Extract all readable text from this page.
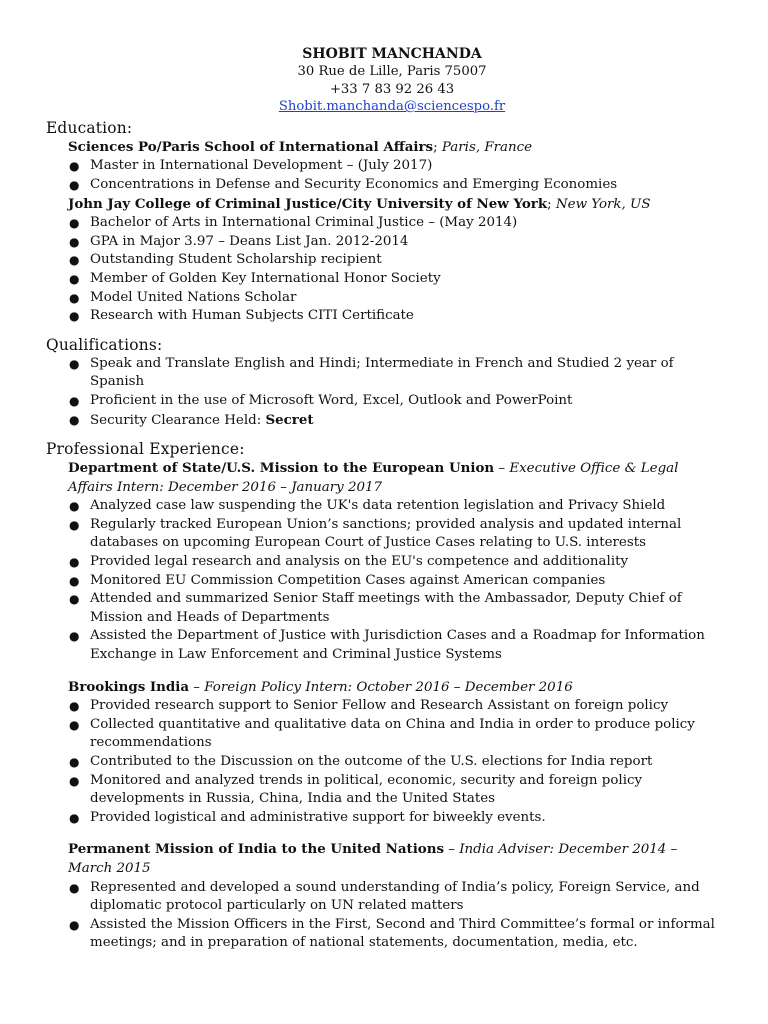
SHOBIT MANCHANDA
30 Rue de Lille, Paris 75007
+33 7 83 92 26 43
Shobit.manchanda@sciencespo.fr
Education:
Sciences Po/Paris School of International Affairs; Paris, France
● Master in International Development – (July 2017)
● Concentrations in Defense and Security Economics and Emerging Economies
John Jay College of Criminal Justice/City University of New York; New York, US
● Bachelor of Arts in International Criminal Justice – (May 2014)
● GPA in Major 3.97 – Deans List Jan. 2012-2014
● Outstanding Student Scholarship recipient
● Member of Golden Key International Honor Society
● Model United Nations Scholar
● Research with Human Subjects CITI Certificate
Qualifications:
● Speak and Translate English and Hindi; Intermediate in French and Studied 2 year of Spanish
● Proficient in the use of Microsoft Word, Excel, Outlook and PowerPoint
● Security Clearance Held: Secret
Professional Experience:
Department of State/U.S. Mission to the European Union – Executive Office & Legal Affairs Intern: December 2016 – January 2017
● Analyzed case law suspending the UK's data retention legislation and Privacy Shield
● Regularly tracked European Union’s sanctions; provided analysis and updated internal databases on upcoming European Court of Justice Cases relating to U.S. interests
● Provided legal research and analysis on the EU's competence and additionality
● Monitored EU Commission Competition Cases against American companies
● Attended and summarized Senior Staff meetings with the Ambassador, Deputy Chief of Mission and Heads of Departments
● Assisted the Department of Justice with Jurisdiction Cases and a Roadmap for Information Exchange in Law Enforcement and Criminal Justice Systems
Brookings India – Foreign Policy Intern: October 2016 – December 2016
● Provided research support to Senior Fellow and Research Assistant on foreign policy
● Collected quantitative and qualitative data on China and India in order to produce policy recommendations
● Contributed to the Discussion on the outcome of the U.S. elections for India report
● Monitored and analyzed trends in political, economic, security and foreign policy developments in Russia, China, India and the United States
● Provided logistical and administrative support for biweekly events.
Permanent Mission of India to the United Nations – India Adviser: December 2014 – March 2015
● Represented and developed a sound understanding of India’s policy, Foreign Service, and diplomatic protocol particularly on UN related matters
● Assisted the Mission Officers in the First, Second and Third Committee’s formal or informal meetings; and in preparation of national statements, documentation, media, etc.
